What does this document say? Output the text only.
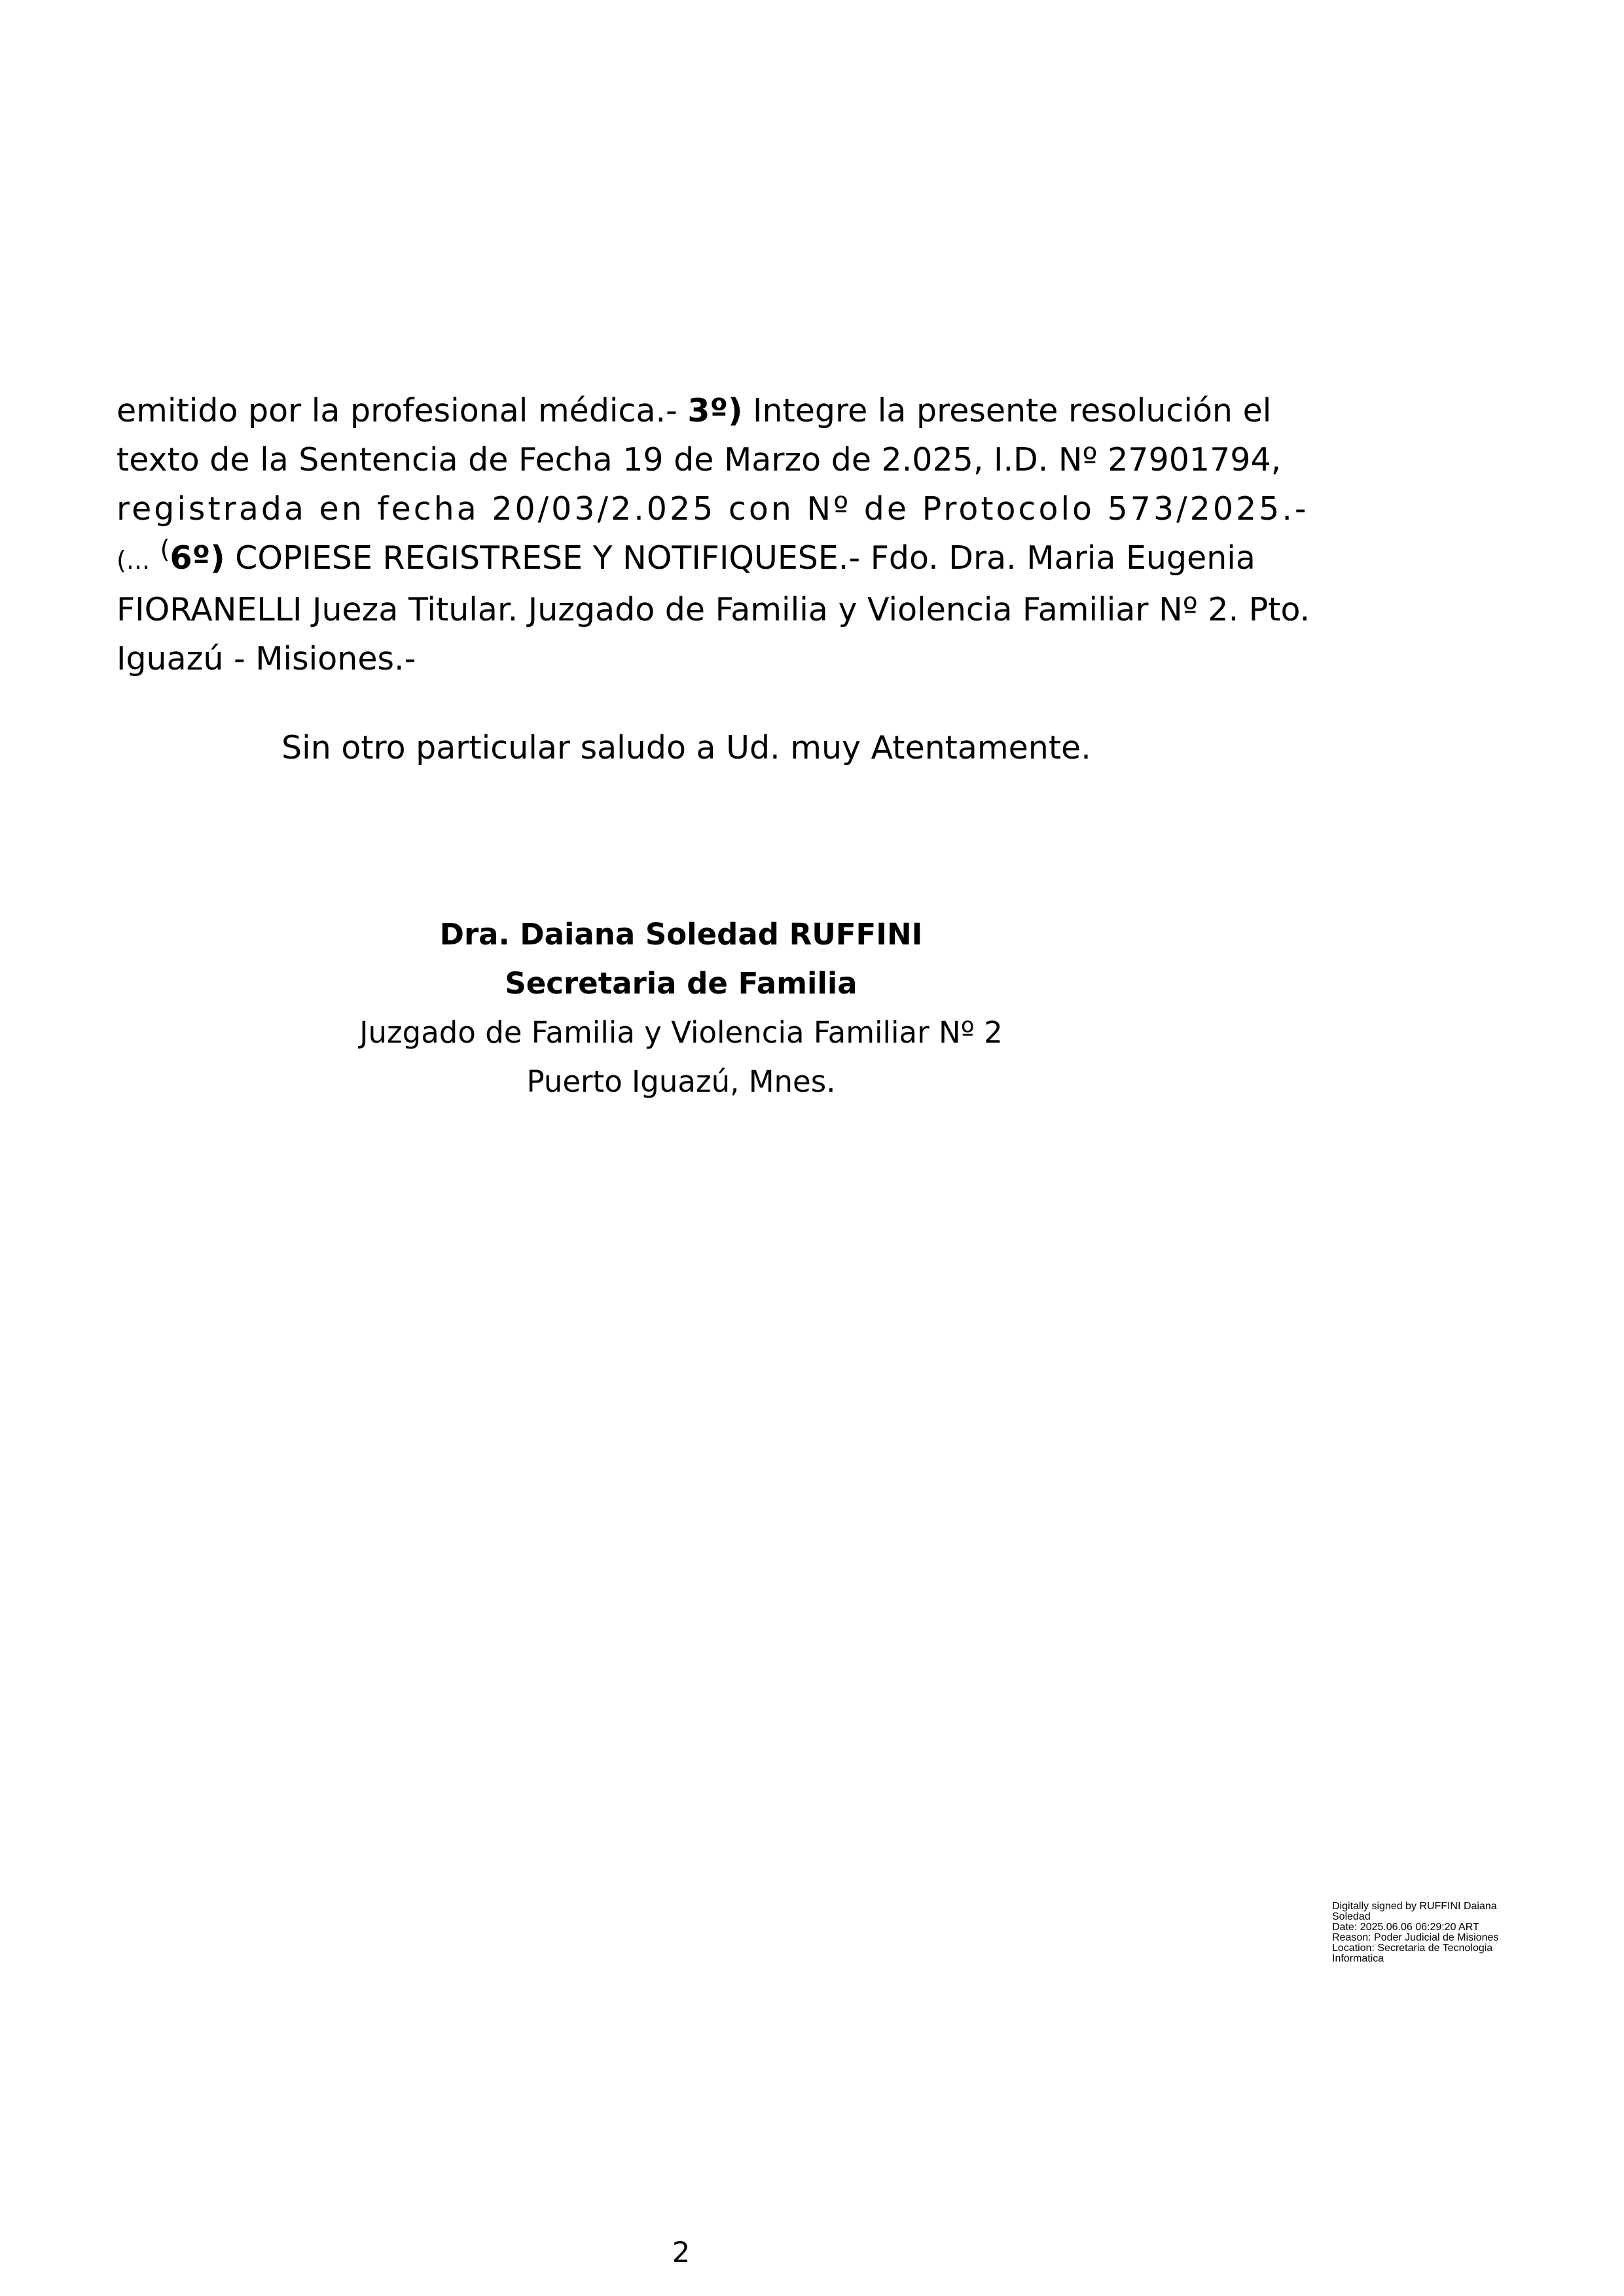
emitido por la profesional médica.- 3º) Integre la presente resolución el
texto de la Sentencia de Fecha 19 de Marzo de 2.025, I.D. Nº 27901794,
registrada en fecha 20/03/2.025 con Nº de Protocolo 573/2025.-
(... (6º) COPIESE REGISTRESE Y NOTIFIQUESE.- Fdo. Dra. Maria Eugenia
FIORANELLI Jueza Titular. Juzgado de Familia y Violencia Familiar Nº 2. Pto.
Iguazú - Misiones.-
Sin otro particular saludo a Ud. muy Atentamente.
Dra. Daiana Soledad RUFFINI
Secretaria de Familia
Juzgado de Familia y Violencia Familiar Nº 2
Puerto Iguazú, Mnes.
Digitally signed by RUFFINI Daiana
Soledad
Date: 2025.06.06 06:29:20 ART
Reason: Poder Judicial de Misiones
Location: Secretaria de Tecnologia
Informatica
2
